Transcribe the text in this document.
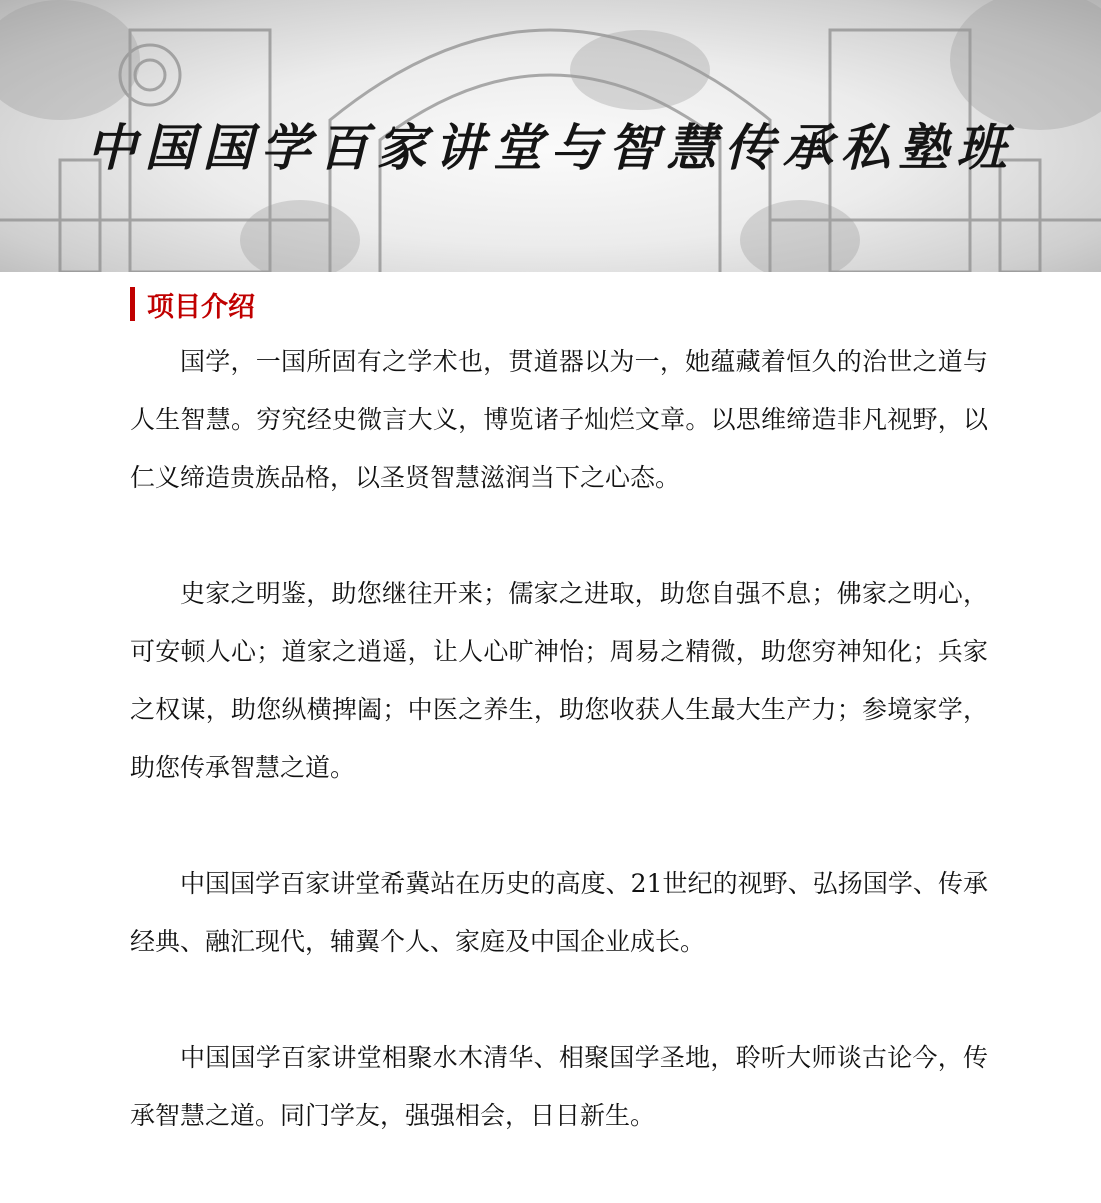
中国国学百家讲堂与智慧传承私塾班
项目介绍

国学，一国所固有之学术也，贯道器以为一，她蕴藏着恒久的治世之道与人生智慧。穷究经史微言大义，博览诸子灿烂文章。以思维缔造非凡视野，以仁义缔造贵族品格，以圣贤智慧滋润当下之心态。

史家之明鉴，助您继往开来；儒家之进取，助您自强不息；佛家之明心，可安顿人心；道家之逍遥，让人心旷神怡；周易之精微，助您穷神知化；兵家之权谋，助您纵横捭阖；中医之养生，助您收获人生最大生产力；参境家学，助您传承智慧之道。

中国国学百家讲堂希冀站在历史的高度、21世纪的视野、弘扬国学、传承经典、融汇现代，辅翼个人、家庭及中国企业成长。

中国国学百家讲堂相聚水木清华、相聚国学圣地，聆听大师谈古论今，传承智慧之道。同门学友，强强相会，日日新生。
